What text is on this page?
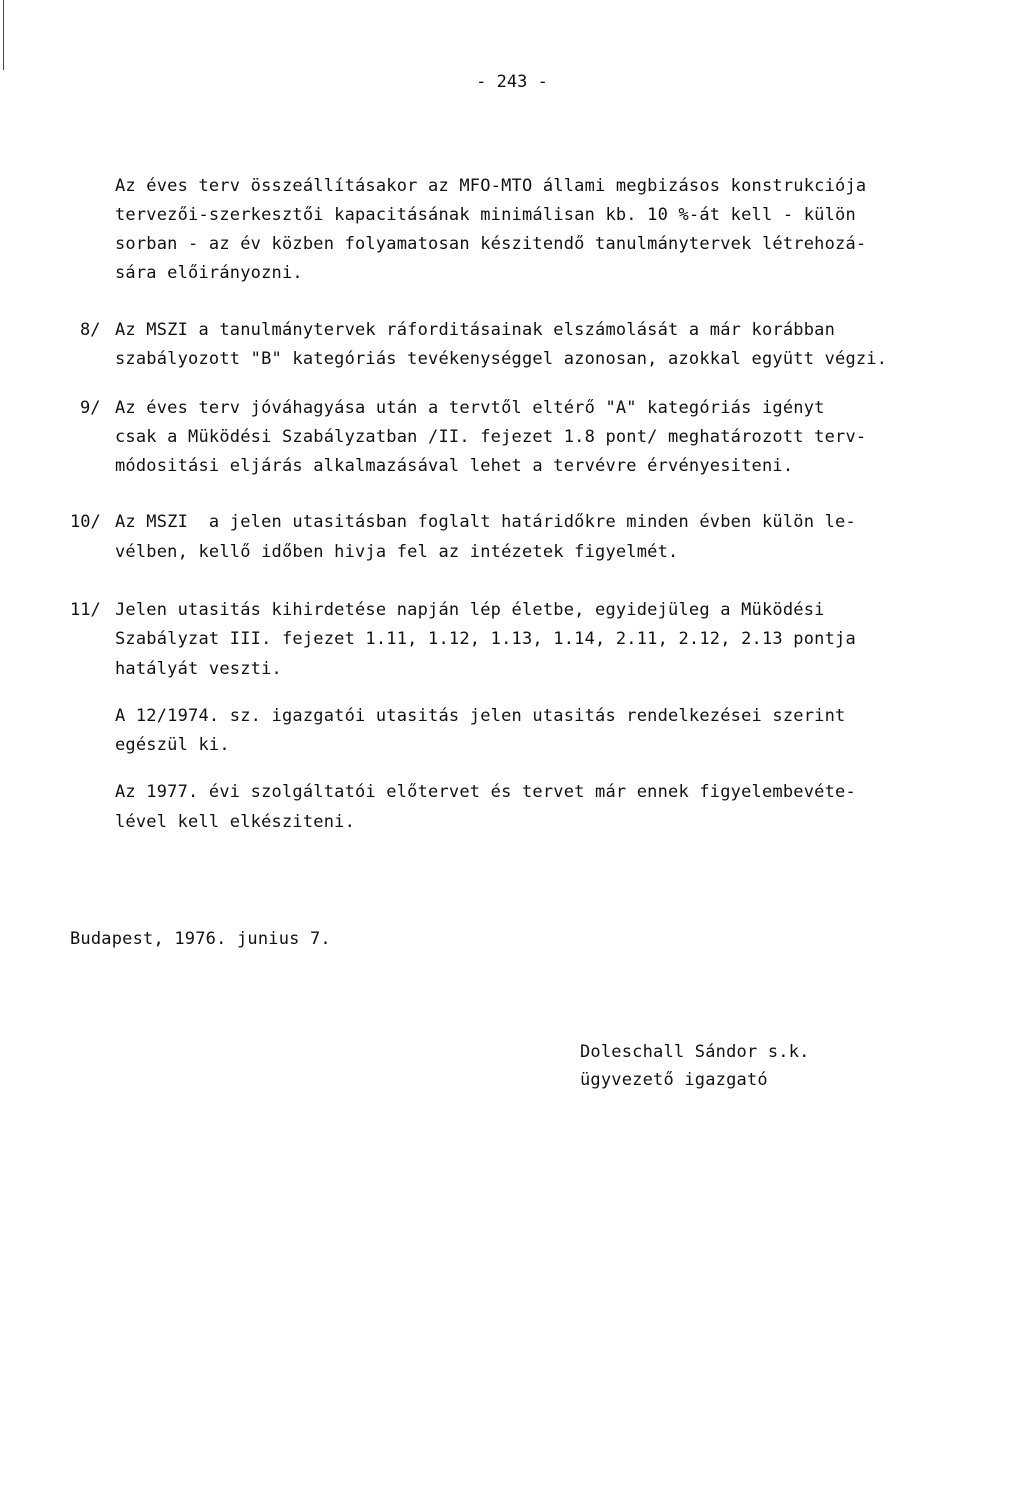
- 243 -
Az éves terv összeállításakor az MFO-MTO állami megbizásos konstrukciója
tervezői-szerkesztői kapacitásának minimálisan kb. 10 %-át kell - külön
sorban - az év közben folyamatosan készitendő tanulmánytervek létrehozá-
sára előirányozni.
8/ Az MSZI a tanulmánytervek ráforditásainak elszámolását a már korábban
szabályozott "B" kategóriás tevékenységgel azonosan, azokkal együtt végzi.
9/ Az éves terv jóváhagyása után a tervtől eltérő "A" kategóriás igényt
csak a Müködési Szabályzatban /II. fejezet 1.8 pont/ meghatározott terv-
módositási eljárás alkalmazásával lehet a tervévre érvényesiteni.
10/ Az MSZI  a jelen utasitásban foglalt határidőkre minden évben külön le-
vélben, kellő időben hivja fel az intézetek figyelmét.
11/ Jelen utasitás kihirdetése napján lép életbe, egyidejüleg a Müködési
Szabályzat III. fejezet 1.11, 1.12, 1.13, 1.14, 2.11, 2.12, 2.13 pontja
hatályát veszti.
A 12/1974. sz. igazgatói utasitás jelen utasitás rendelkezései szerint
egészül ki.
Az 1977. évi szolgáltatói előtervet és tervet már ennek figyelembevéte-
lével kell elkésziteni.
Budapest, 1976. junius 7.
Doleschall Sándor s.k.
ügyvezető igazgató
